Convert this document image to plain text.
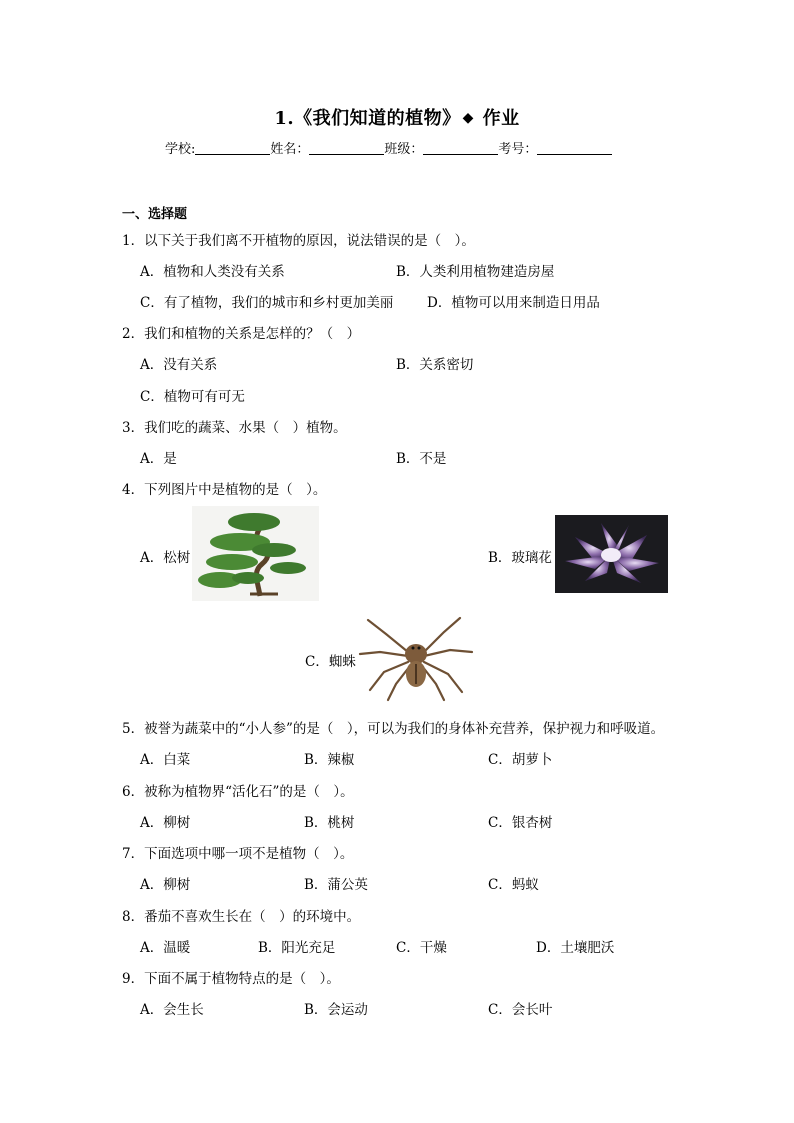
1.《我们知道的植物》 ◆ 作业
学校:	姓名：	班级：	考号：
一、选择题
1．以下关于我们离不开植物的原因，说法错误的是（　）。
A．植物和人类没有关系	B．人类利用植物建造房屋
C．有了植物，我们的城市和乡村更加美丽 D．植物可以用来制造日用品
2．我们和植物的关系是怎样的？（　）
A．没有关系	B．关系密切
C．植物可有可无
3．我们吃的蔬菜、水果（　）植物。
A．是	B．不是
4．下列图片中是植物的是（　）。
A．松树	B．玻璃花
C．蜘蛛
5．被誉为蔬菜中的“小人参”的是（　），可以为我们的身体补充营养，保护视力和呼吸道。
A．白菜	B．辣椒	C．胡萝卜
6．被称为植物界“活化石”的是（　）。
A．柳树	B．桃树	C．银杏树
7．下面选项中哪一项不是植物（　）。
A．柳树	B．蒲公英	C．蚂蚁
8．番茄不喜欢生长在（　）的环境中。
A．温暖	B．阳光充足	C．干燥	D．土壤肥沃
9．下面不属于植物特点的是（　）。
A．会生长	B．会运动	C．会长叶
